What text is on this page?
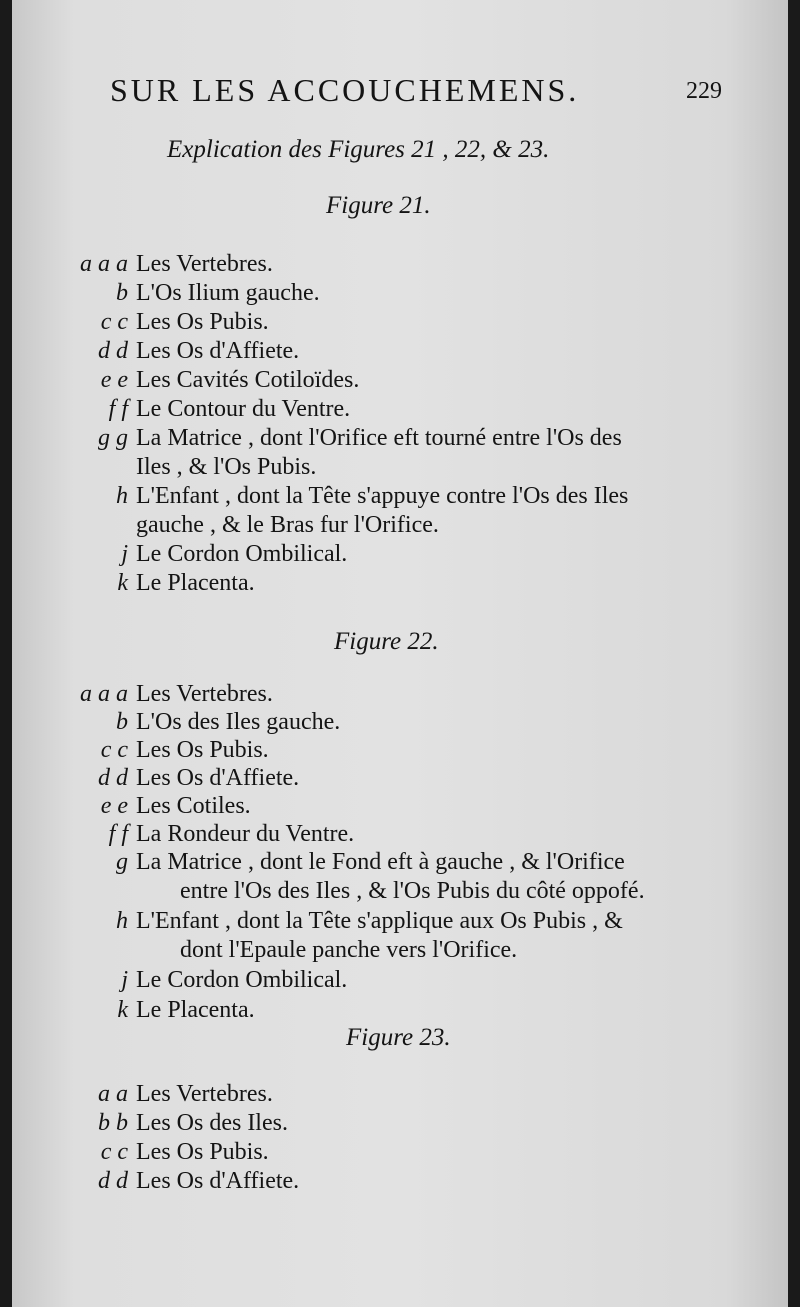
SUR LES ACCOUCHEMENS.	229
Explication des Figures 21 , 22, & 23.
Figure 21.
a a a Les Vertebres.
b L'Os Ilium gauche.
c c Les Os Pubis.
d d Les Os d'Affiete.
e e Les Cavités Cotiloïdes.
f f Le Contour du Ventre.
g g La Matrice , dont l'Orifice eft tourné entre l'Os des
Iles , & l'Os Pubis.
h L'Enfant , dont la Tête s'appuye contre l'Os des Iles
gauche , & le Bras fur l'Orifice.
j Le Cordon Ombilical.
k Le Placenta.
Figure 22.
a a a Les Vertebres.
b L'Os des Iles gauche.
c c Les Os Pubis.
d d Les Os d'Affiete.
e e Les Cotiles.
f f La Rondeur du Ventre.
g La Matrice , dont le Fond eft à gauche , & l'Orifice
entre l'Os des Iles , & l'Os Pubis du côté oppofé.
h L'Enfant , dont la Tête s'applique aux Os Pubis , &
dont l'Epaule panche vers l'Orifice.
j Le Cordon Ombilical.
k Le Placenta.
Figure 23.
a a Les Vertebres.
b b Les Os des Iles.
c c Les Os Pubis.
d d Les Os d'Affiete.
